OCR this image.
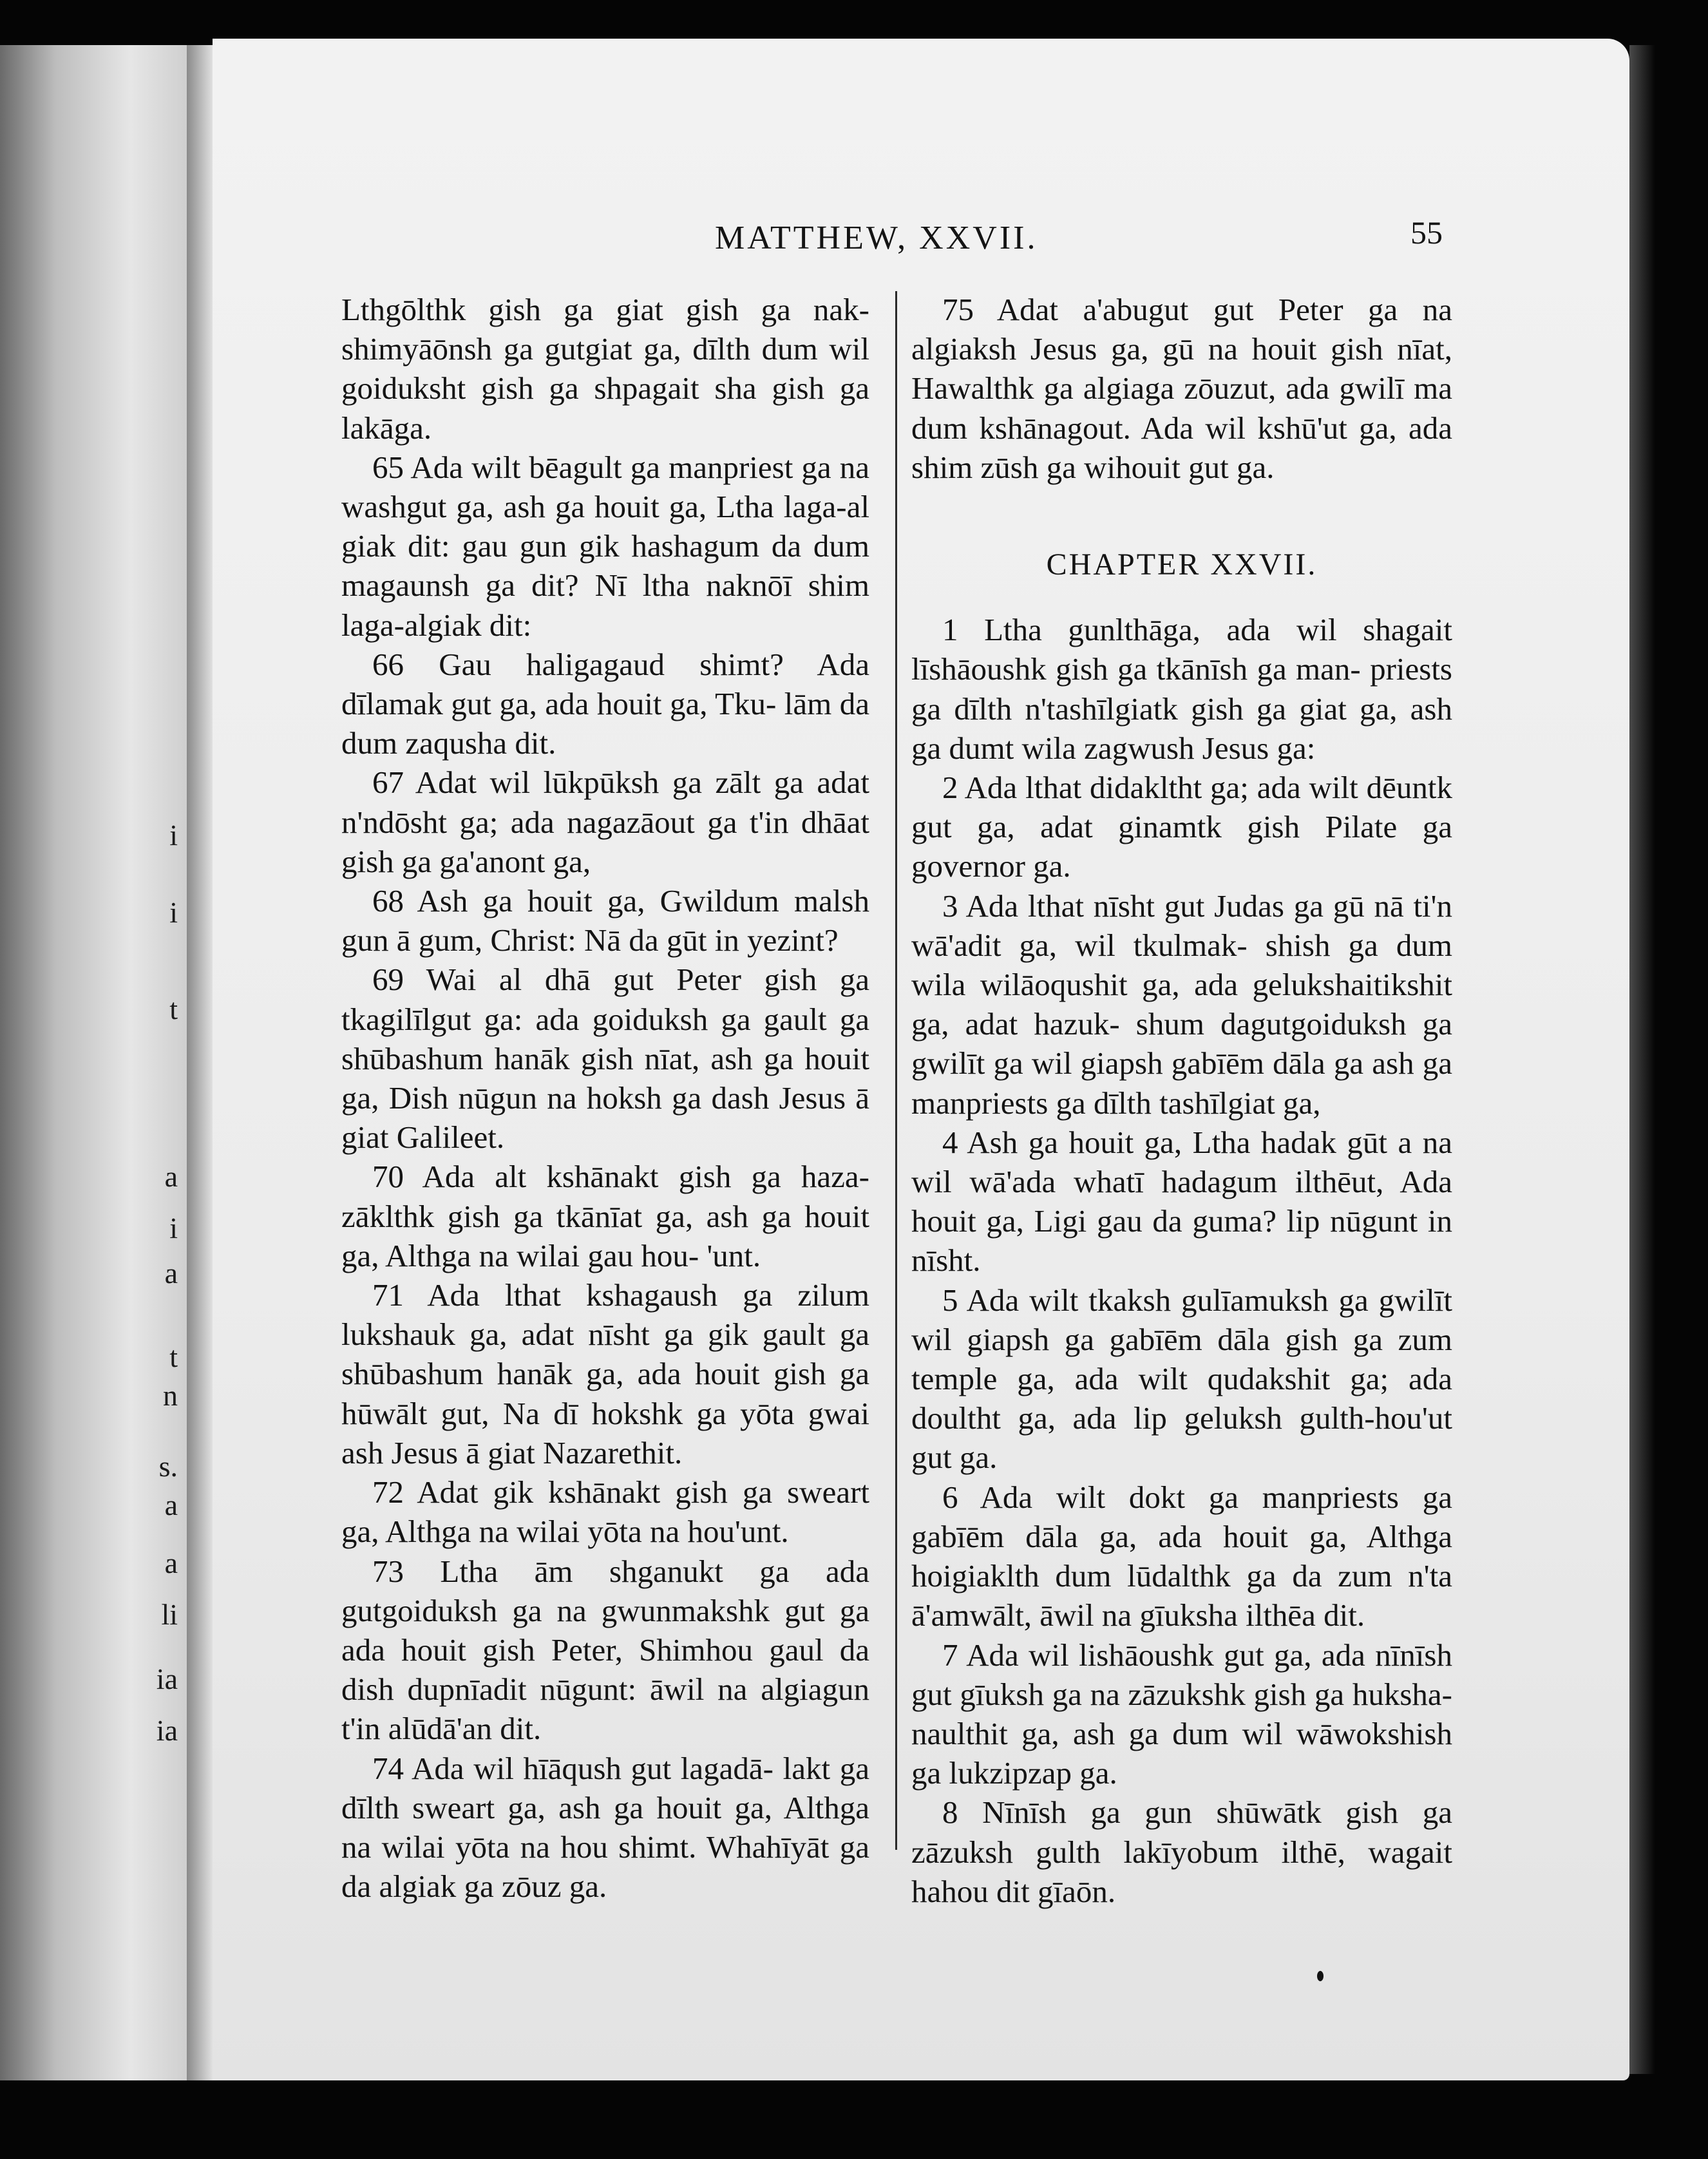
i
i
t
a
i
a
t
n
s.
a
a
li
ia
ia
MATTHEW, XXVII.	55

Lthgōlthk gish ga giat gish ga nak- shimyāōnsh ga gutgiat ga, dīlth dum wil goiduksht gish ga shpagait sha gish ga lakāga.

65 Ada wilt bēagult ga manpriest ga na washgut ga, ash ga houit ga, Ltha laga-al giak dit: gau gun gik hashagum da dum magaunsh ga dit? Nī ltha naknōī shim laga-algiak dit:

66 Gau haligagaud shimt? Ada dīlamak gut ga, ada houit ga, Tku- lām da dum zaqusha dit.

67 Adat wil lūkpūksh ga zālt ga adat n'ndōsht ga; ada nagazāout ga t'in dhāat gish ga ga'anont ga,

68 Ash ga houit ga, Gwildum malsh gun ā gum, Christ: Nā da gūt in yezint?

69 Wai al dhā gut Peter gish ga tkagilīlgut ga: ada goiduksh ga gault ga shūbashum hanāk gish nīat, ash ga houit ga, Dish nūgun na hoksh ga dash Jesus ā giat Galileet.

70 Ada alt kshānakt gish ga haza- zāklthk gish ga tkānīat ga, ash ga houit ga, Althga na wilai gau hou- 'unt.

71 Ada lthat kshagaush ga zilum lukshauk ga, adat nīsht ga gik gault ga shūbashum hanāk ga, ada houit gish ga hūwālt gut, Na dī hokshk ga yōta gwai ash Jesus ā giat Nazarethit.

72 Adat gik kshānakt gish ga sweart ga, Althga na wilai yōta na hou'unt.

73 Ltha ām shganukt ga ada gutgoiduksh ga na gwunmakshk gut ga ada houit gish Peter, Shimhou gaul da dish dupnīadit nūgunt: āwil na algiagun t'in alūdā'an dit.

74 Ada wil hīāqush gut lagadā- lakt ga dīlth sweart ga, ash ga houit ga, Althga na wilai yōta na hou shimt. Whahīyāt ga da algiak ga zōuz ga.

75 Adat a'abugut gut Peter ga na algiaksh Jesus ga, gū na houit gish nīat, Hawalthk ga algiaga zōuzut, ada gwilī ma dum kshānagout. Ada wil kshū'ut ga, ada shim zūsh ga wihouit gut ga.

CHAPTER XXVII.

1 Ltha gunlthāga, ada wil shagait līshāoushk gish ga tkānīsh ga man- priests ga dīlth n'tashīlgiatk gish ga giat ga, ash ga dumt wila zagwush Jesus ga:

2 Ada lthat didakltht ga; ada wilt dēuntk gut ga, adat ginamtk gish Pilate ga governor ga.

3 Ada lthat nīsht gut Judas ga gū nā ti'n wā'adit ga, wil tkulmak- shish ga dum wila wilāoqushit ga, ada gelukshaitikshit ga, adat hazuk- shum dagutgoiduksh ga gwilīt ga wil giapsh gabīēm dāla ga ash ga manpriests ga dīlth tashīlgiat ga,

4 Ash ga houit ga, Ltha hadak gūt a na wil wā'ada whatī hadagum ilthēut, Ada houit ga, Ligi gau da guma? lip nūgunt in nīsht.

5 Ada wilt tkaksh gulīamuksh ga gwilīt wil giapsh ga gabīēm dāla gish ga zum temple ga, ada wilt qudakshit ga; ada doultht ga, ada lip geluksh gulth-hou'ut gut ga.

6 Ada wilt dokt ga manpriests ga gabīēm dāla ga, ada houit ga, Althga hoigiaklth dum lūdalthk ga da zum n'ta ā'amwālt, āwil na gīuksha ilthēa dit.

7 Ada wil lishāoushk gut ga, ada nīnīsh gut gīuksh ga na zāzukshk gish ga huksha-naulthit ga, ash ga dum wil wāwokshish ga lukzipzap ga.

8 Nīnīsh ga gun shūwātk gish ga zāzuksh gulth lakīyobum ilthē, wagait hahou dit gīaōn.
